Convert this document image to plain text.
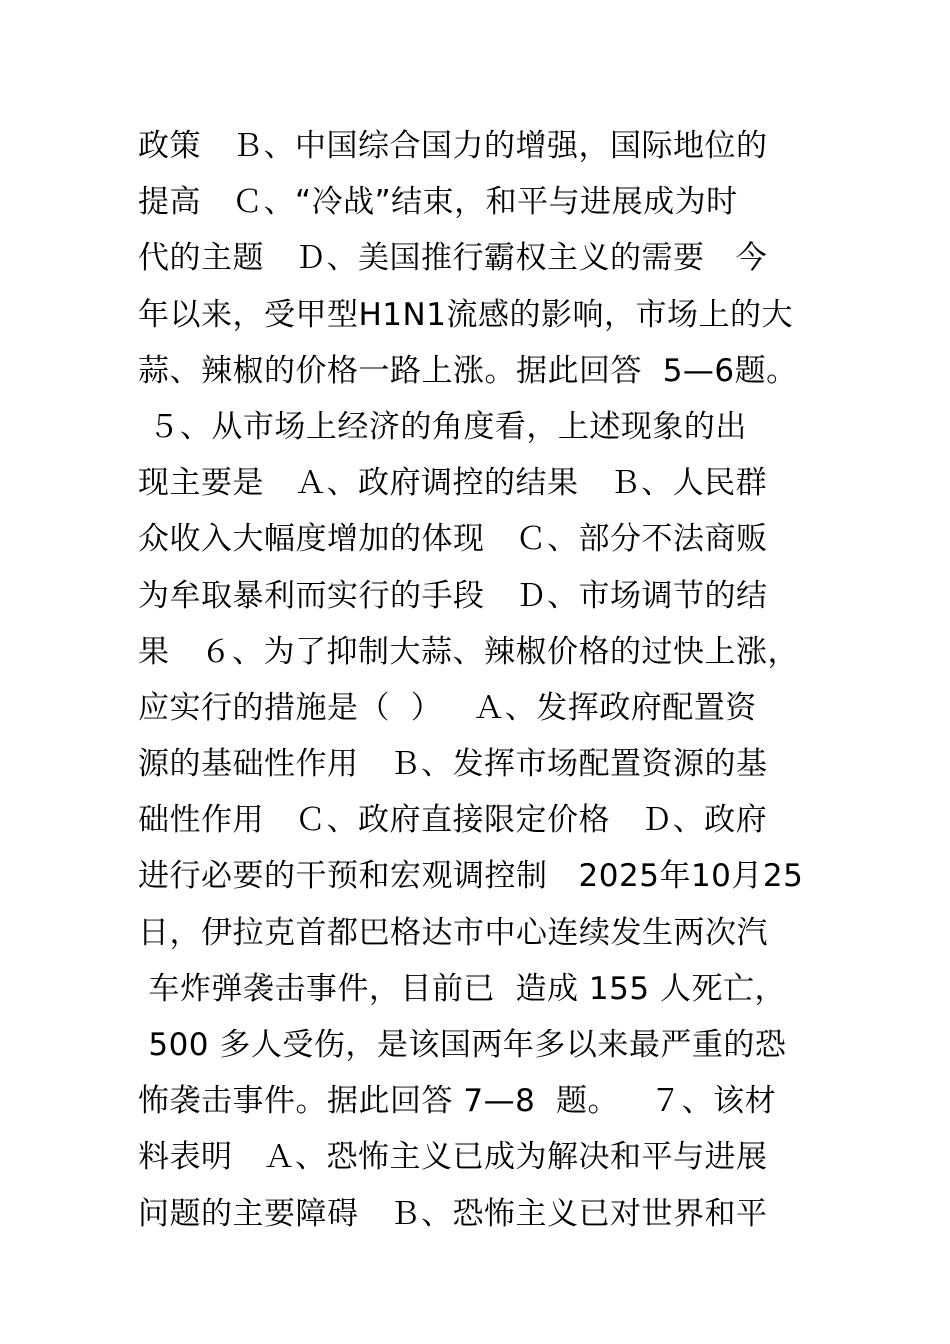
政策   Ｂ、中国综合国力的增强，国际地位的
提高   Ｃ、“冷战”结束，和平与进展成为时
代的主题   Ｄ、美国推行霸权主义的需要   今
年以来，受甲型H1N1流感的影响，市场上的大
蒜、辣椒的价格一路上涨。据此回答  5—6题。
５、从市场上经济的角度看，上述现象的出
现主要是   Ａ、政府调控的结果   Ｂ、人民群
众收入大幅度增加的体现   Ｃ、部分不法商贩
为牟取暴利而实行的手段   Ｄ、市场调节的结
果   ６、为了抑制大蒜、辣椒价格的过快上涨，
应实行的措施是（  ）   Ａ、发挥政府配置资
源的基础性作用   Ｂ、发挥市场配置资源的基
础性作用   Ｃ、政府直接限定价格   Ｄ、政府
进行必要的干预和宏观调控制   2025年10月25
日，伊拉克首都巴格达市中心连续发生两次汽
车炸弹袭击事件，目前已  造成 155 人死亡，
500 多人受伤，是该国两年多以来最严重的恐
怖袭击事件。据此回答 7—8  题。   ７、该材
料表明   Ａ、恐怖主义已成为解决和平与进展
问题的主要障碍   Ｂ、恐怖主义已对世界和平
